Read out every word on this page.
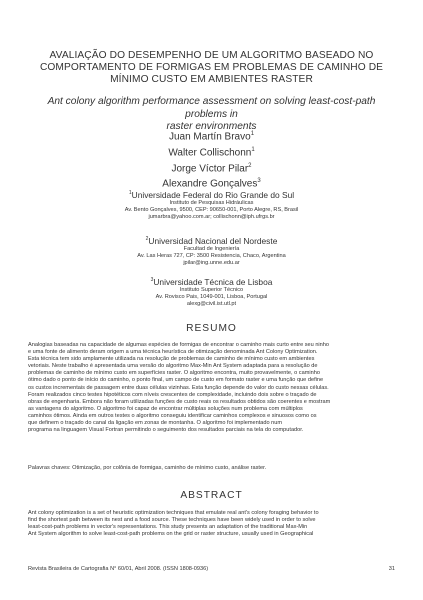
AVALIAÇÃO DO DESEMPENHO DE UM ALGORITMO BASEADO NO
COMPORTAMENTO DE FORMIGAS EM PROBLEMAS DE CAMINHO DE
MÍNIMO CUSTO EM AMBIENTES RASTER
Ant colony algorithm performance assessment on solving least-cost-path problems in
raster environments
Juan Martín Bravo$^1$
Walter Collischonn$^1$
Jorge Víctor Pilar$^2$
Alexandre Gonçalves$^3$
$^1$Universidade Federal do Rio Grande do Sul
Instituto de Pesquisas Hidráulicas
Av. Bento Gonçalves, 9500, CEP: 90650-001, Porto Alegre, RS, Brasil
jumarbra@yahoo.com.ar; collischonn@iph.ufrgs.br
$^2$Universidad Nacional del Nordeste
Facultad de Ingeniería
Av. Las Heras 727, CP: 3500 Resistencia, Chaco, Argentina
jpilar@ing.unne.edu.ar
$^3$Universidade Técnica de Lisboa
Instituto Superior Técnico
Av. Rovisco Pais, 1049-001, Lisboa, Portugal
alexg@civil.ist.utl.pt
RESUMO
Analogias baseadas na capacidade de algumas espécies de formigas de encontrar o caminho mais curto entre seu ninho
e uma fonte de alimento deram origem a uma técnica heurística de otimização denominada Ant Colony Optimization.
Esta técnica tem sido amplamente utilizada na resolução de problemas de caminho de mínimo custo em ambientes
vetoriais. Neste trabalho é apresentada uma versão do algoritmo Max-Min Ant System adaptada para a resolução de
problemas de caminho de mínimo custo em superfícies raster. O algoritmo encontra, muito provavelmente, o caminho
ótimo dado o ponto de início do caminho, o ponto final, um campo de custo em formato raster e uma função que define
os custos incrementais de passagem entre duas células vizinhas. Esta função depende do valor do custo nessas células.
Foram realizados cinco testes hipotéticos com níveis crescentes de complexidade, incluindo dois sobre o traçado de
obras de engenharia. Embora não foram utilizadas funções de custo reais os resultados obtidos são coerentes e mostram
as vantagens do algoritmo. O algoritmo foi capaz de encontrar múltiplas soluções num problema com múltiplos
caminhos ótimos. Ainda em outros testes o algoritmo conseguiu identificar caminhos complexos e sinuosos como os
que definem o traçado do canal da ligação em zonas de montanha. O algoritmo foi implementado num
programa na linguagem Visual Fortran permitindo o seguimento dos resultados parciais na tela do computador.
Palavras chaves: Otimização, por colônia de formigas, caminho de mínimo custo, análise raster.
ABSTRACT
Ant colony optimization is a set of heuristic optimization techniques that emulate real ant's colony foraging behavior to
find the shortest path between its nest and a food source. These techniques have been widely used in order to solve
least-cost-path problems in vector's representations. This study presents an adaptation of the traditional Max-Min
Ant System algorithm to solve least-cost-path problems on the grid or raster structure, usually used in Geographical
Revista Brasileira de Cartografia N° 60/01, Abril 2008. (ISSN 1808-0936)	31
